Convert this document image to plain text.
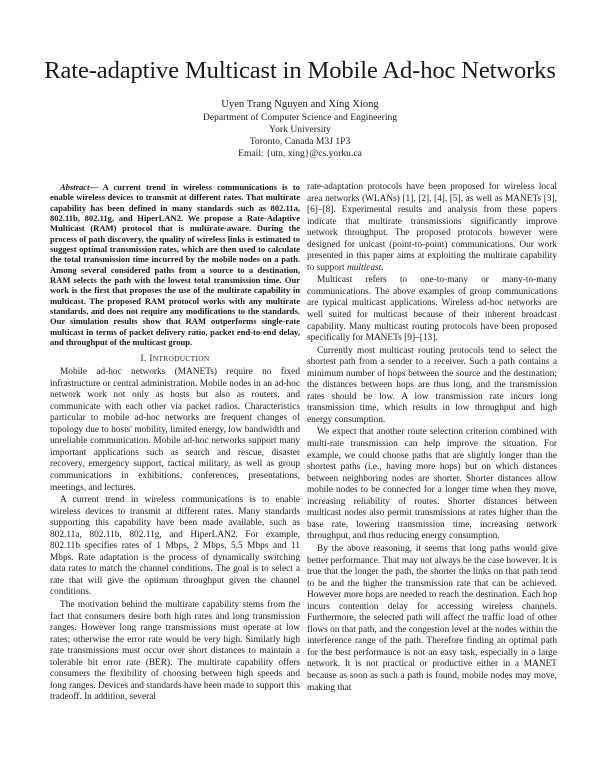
Rate-adaptive Multicast in Mobile Ad-hoc Networks
Uyen Trang Nguyen and Xing Xiong
Department of Computer Science and Engineering
York University
Toronto, Canada M3J 1P3
Email: {utn, xing}@cs.yorku.ca

Abstract— A current trend in wireless communications is to enable wireless devices to transmit at different rates. That multirate capability has been defined in many standards such as 802.11a, 802.11b, 802.11g, and HiperLAN2. We propose a Rate-Adaptive Multicast (RAM) protocol that is multirate-aware. During the process of path discovery, the quality of wireless links is estimated to suggest optimal transmission rates, which are then used to calculate the total transmission time incurred by the mobile nodes on a path. Among several considered paths from a source to a destination, RAM selects the path with the lowest total transmission time. Our work is the first that proposes the use of the multirate capability in multicast. The proposed RAM protocol works with any multirate standards, and does not require any modifications to the standards. Our simulation results show that RAM outperforms single-rate multicast in terms of packet delivery ratio, packet end-to-end delay, and throughput of the multicast group.

I. INTRODUCTION

Mobile ad-hoc networks (MANETs) require no fixed infrastructure or central administration. Mobile nodes in an ad-hoc network work not only as hosts but also as routers, and communicate with each other via packet radios. Characteristics particular to mobile ad-hoc networks are frequent changes of topology due to hosts' mobility, limited energy, low bandwidth and unreliable communication. Mobile ad-hoc networks support many important applications such as search and rescue, disaster recovery, emergency support, tactical military, as well as group communications in exhibitions, conferences, presentations, meetings, and lectures.

A current trend in wireless communications is to enable wireless devices to transmit at different rates. Many standards supporting this capability have been made available, such as 802.11a, 802.11b, 802.11g, and HiperLAN2. For example, 802.11b specifies rates of 1 Mbps, 2 Mbps, 5.5 Mbps and 11 Mbps. Rate adaptation is the process of dynamically switching data rates to match the channel conditions. The goal is to select a rate that will give the optimum throughput given the channel conditions.

The motivation behind the multirate capability stems from the fact that consumers desire both high rates and long transmission ranges. However long range transmissions must operate at low rates; otherwise the error rate would be very high. Similarly high rate transmissions must occur over short distances to maintain a tolerable bit error rate (BER). The multirate capability offers consumers the flexibility of choosing between high speeds and long ranges. Devices and standards have been made to support this tradeoff. In addition, several

rate-adaptation protocols have been proposed for wireless local area networks (WLANs) [1], [2], [4], [5], as well as MANETs [3], [6]–[8]. Experimental results and analysis from these papers indicate that multirate transmissions significantly improve network throughput. The proposed protocols however were designed for unicast (point-to-point) communications. Our work presented in this paper aims at exploiting the multirate capability to support multicast.

Multicast refers to one-to-many or many-to-many communications. The above examples of group communications are typical multicast applications. Wireless ad-hoc networks are well suited for multicast because of their inherent broadcast capability. Many multicast routing protocols have been proposed specifically for MANETs [9]–[13].

Currently most multicast routing protocols tend to select the shortest path from a sender to a receiver. Such a path contains a minimum number of hops between the source and the destination; the distances between hops are thus long, and the transmission rates should be low. A low transmission rate incurs long transmission time, which results in low throughput and high energy consumption.

We expect that another route selection criterion combined with multi-rate transmission can help improve the situation. For example, we could choose paths that are slightly longer than the shortest paths (i.e., having more hops) but on which distances between neighboring nodes are shorter. Shorter distances allow mobile nodes to be connected for a longer time when they move, increasing reliability of routes. Shorter distances between multicast nodes also permit transmissions at rates higher than the base rate, lowering transmission time, increasing network throughput, and thus reducing energy consumption.

By the above reasoning, it seems that long paths would give better performance. That may not always be the case however. It is true that the longer the path, the shorter the links on that path tend to be and the higher the transmission rate that can be achieved. However more hops are needed to reach the destination. Each hop incurs contention delay for accessing wireless channels. Furthermore, the selected path will affect the traffic load of other flows on that path, and the congestion level at the nodes within the interference range of the path. Therefore finding an optimal path for the best performance is not an easy task, especially in a large network. It is not practical or productive either in a MANET because as soon as such a path is found, mobile nodes may move, making that
